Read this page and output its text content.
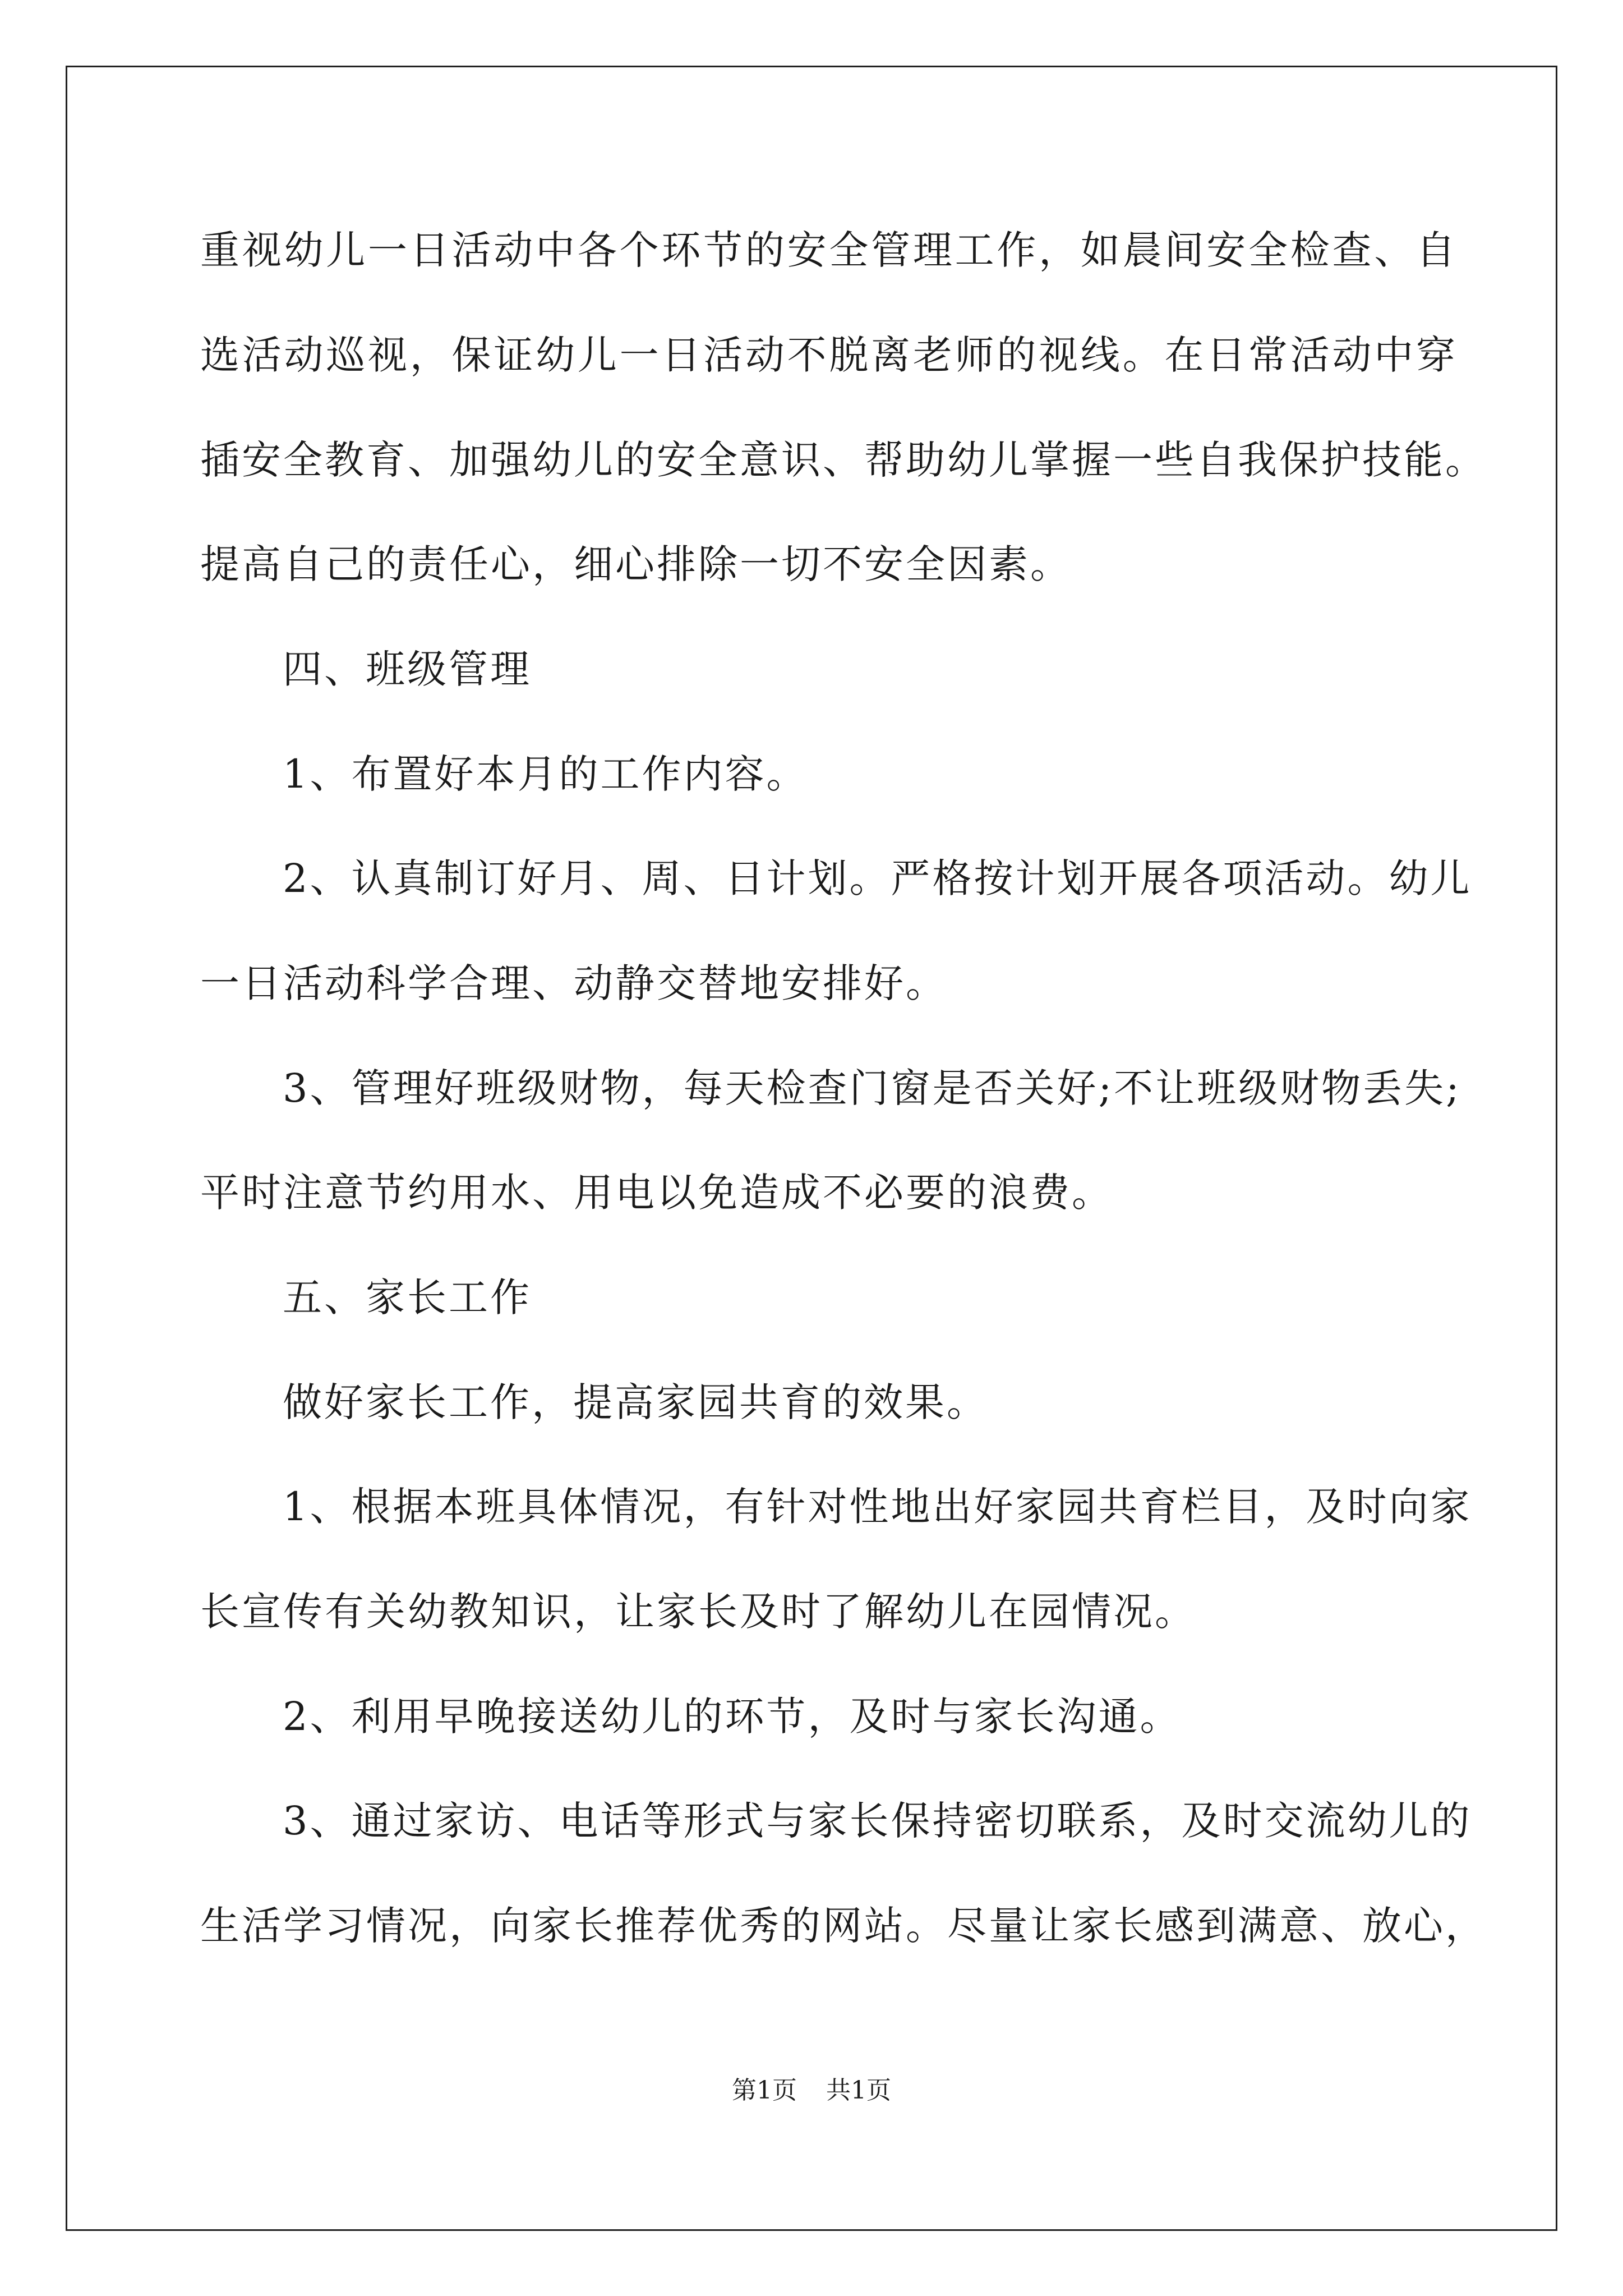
重视幼儿一日活动中各个环节的安全管理工作，如晨间安全检查、自
选活动巡视，保证幼儿一日活动不脱离老师的视线。在日常活动中穿
插安全教育、加强幼儿的安全意识、帮助幼儿掌握一些自我保护技能。
提高自己的责任心，细心排除一切不安全因素。
四、班级管理
1、布置好本月的工作内容。
2、认真制订好月、周、日计划。严格按计划开展各项活动。幼儿
一日活动科学合理、动静交替地安排好。
3、管理好班级财物，每天检查门窗是否关好;不让班级财物丢失;
平时注意节约用水、用电以免造成不必要的浪费。
五、家长工作
做好家长工作，提高家园共育的效果。
1、根据本班具体情况，有针对性地出好家园共育栏目，及时向家
长宣传有关幼教知识，让家长及时了解幼儿在园情况。
2、利用早晚接送幼儿的环节，及时与家长沟通。
3、通过家访、电话等形式与家长保持密切联系，及时交流幼儿的
生活学习情况，向家长推荐优秀的网站。尽量让家长感到满意、放心，
第1页 共1页
